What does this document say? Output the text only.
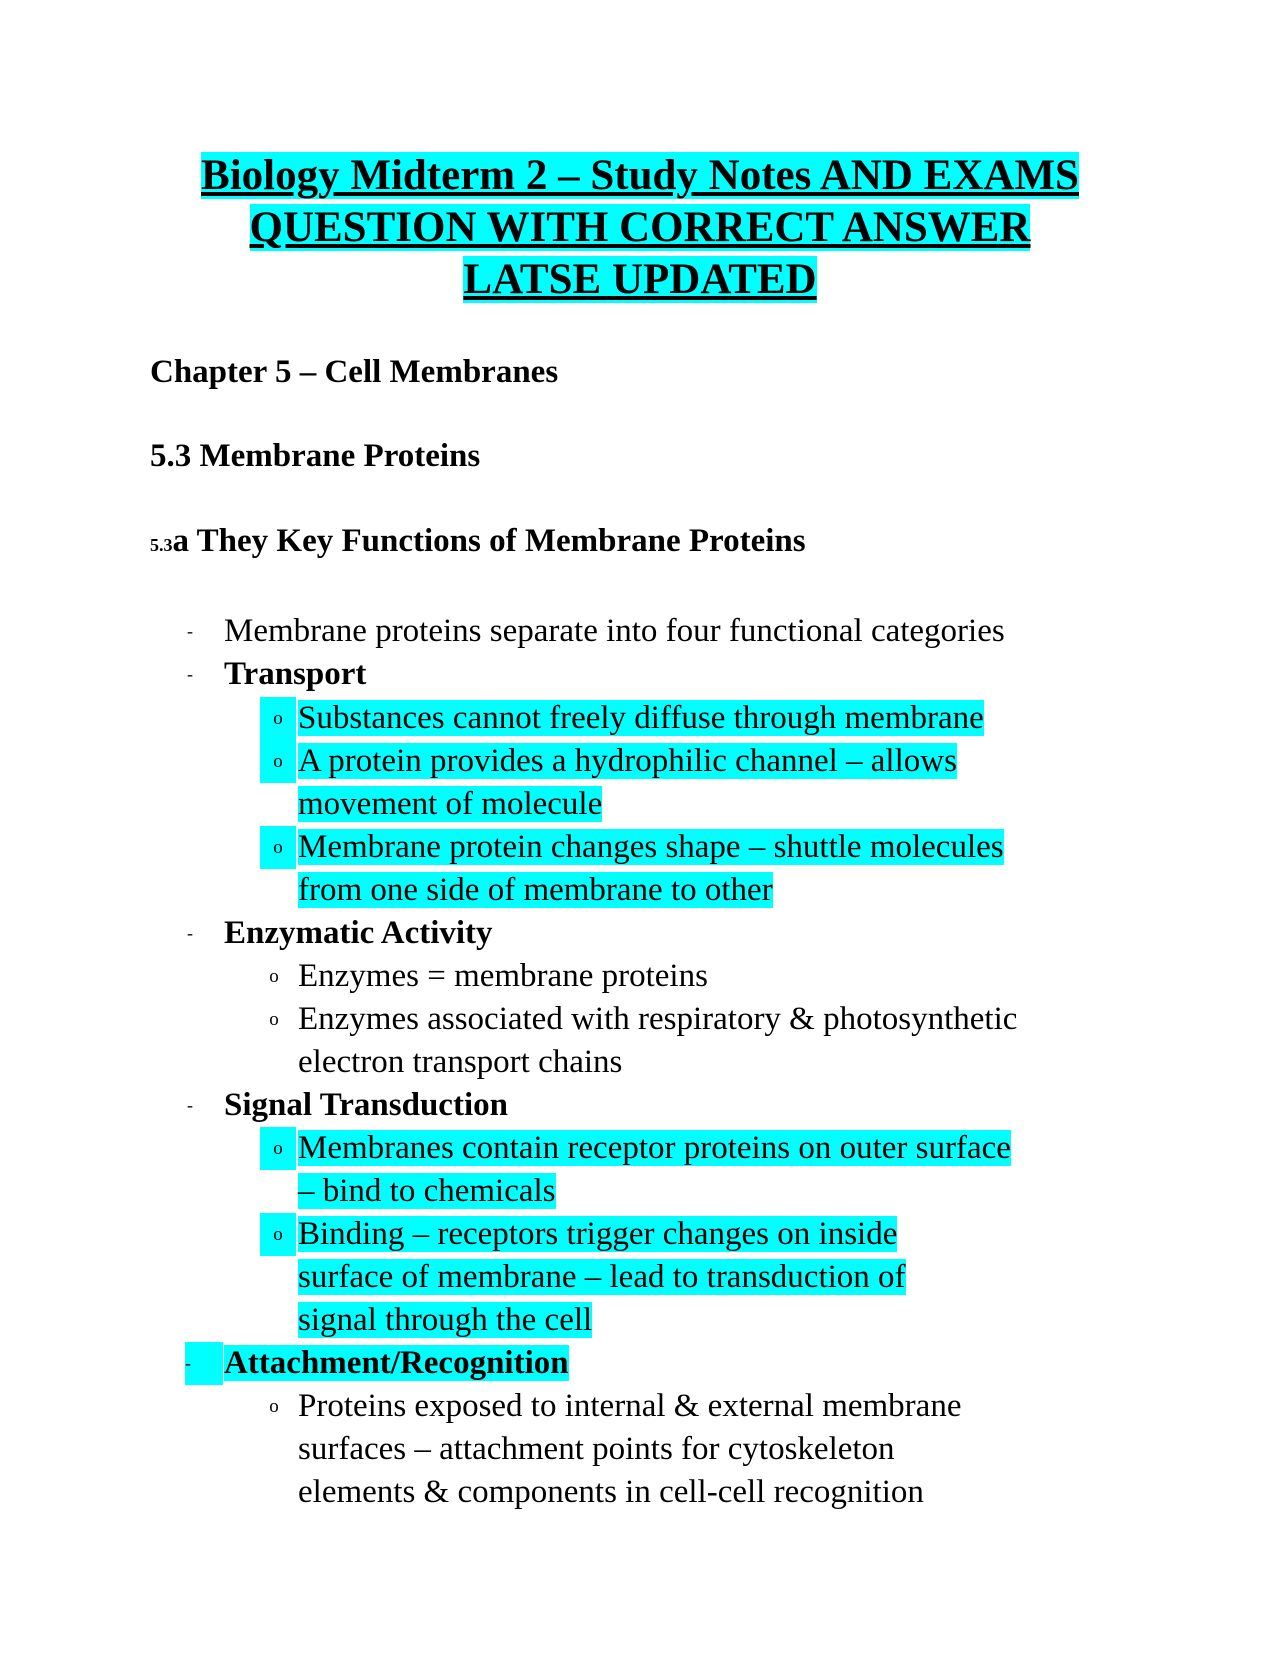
Biology Midterm 2 – Study Notes AND EXAMS
QUESTION WITH CORRECT ANSWER
LATSE UPDATED
Chapter 5 – Cell Membranes
5.3 Membrane Proteins
5.3a They Key Functions of Membrane Proteins
- Membrane proteins separate into four functional categories
- Transport
o Substances cannot freely diffuse through membrane
o A protein provides a hydrophilic channel – allows
movement of molecule
o Membrane protein changes shape – shuttle molecules
from one side of membrane to other
- Enzymatic Activity
o Enzymes = membrane proteins
o Enzymes associated with respiratory & photosynthetic
electron transport chains
- Signal Transduction
o Membranes contain receptor proteins on outer surface
– bind to chemicals
o Binding – receptors trigger changes on inside
surface of membrane – lead to transduction of
signal through the cell
-	Attachment/Recognition
o Proteins exposed to internal & external membrane
surfaces – attachment points for cytoskeleton
elements & components in cell-cell recognition
